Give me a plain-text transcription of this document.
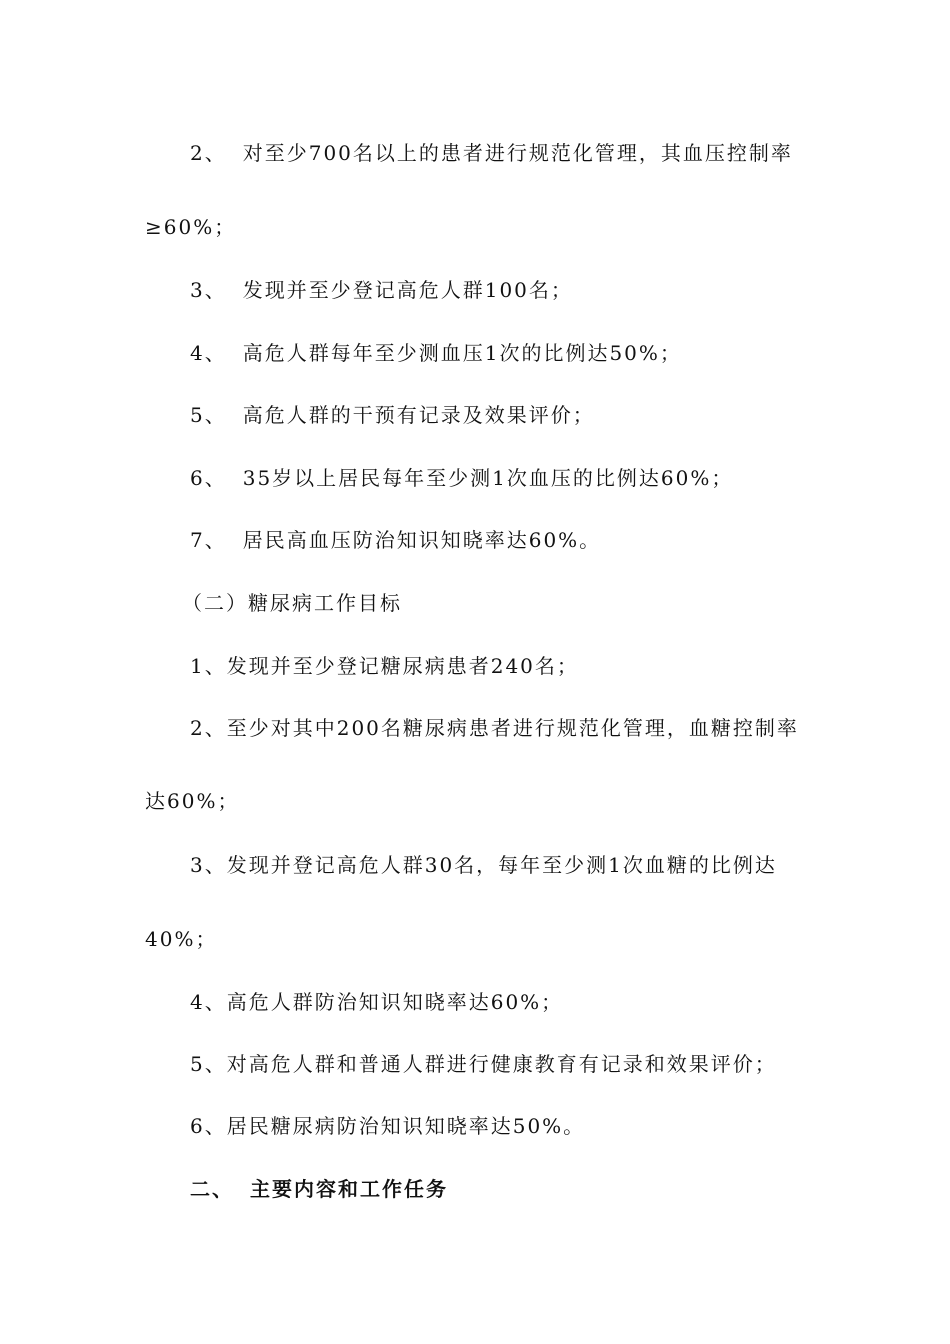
2、 对至少700名以上的患者进行规范化管理，其血压控制率
≥60%；
3、 发现并至少登记高危人群100名；
4、 高危人群每年至少测血压1次的比例达50%；
5、 高危人群的干预有记录及效果评价；
6、 35岁以上居民每年至少测1次血压的比例达60%；
7、 居民高血压防治知识知晓率达60%。
（二）糖尿病工作目标
1、发现并至少登记糖尿病患者240名；
2、至少对其中200名糖尿病患者进行规范化管理，血糖控制率
达60%；
3、发现并登记高危人群30名，每年至少测1次血糖的比例达
40%；
4、高危人群防治知识知晓率达60%；
5、对高危人群和普通人群进行健康教育有记录和效果评价；
6、居民糖尿病防治知识知晓率达50%。
二、 主要内容和工作任务
